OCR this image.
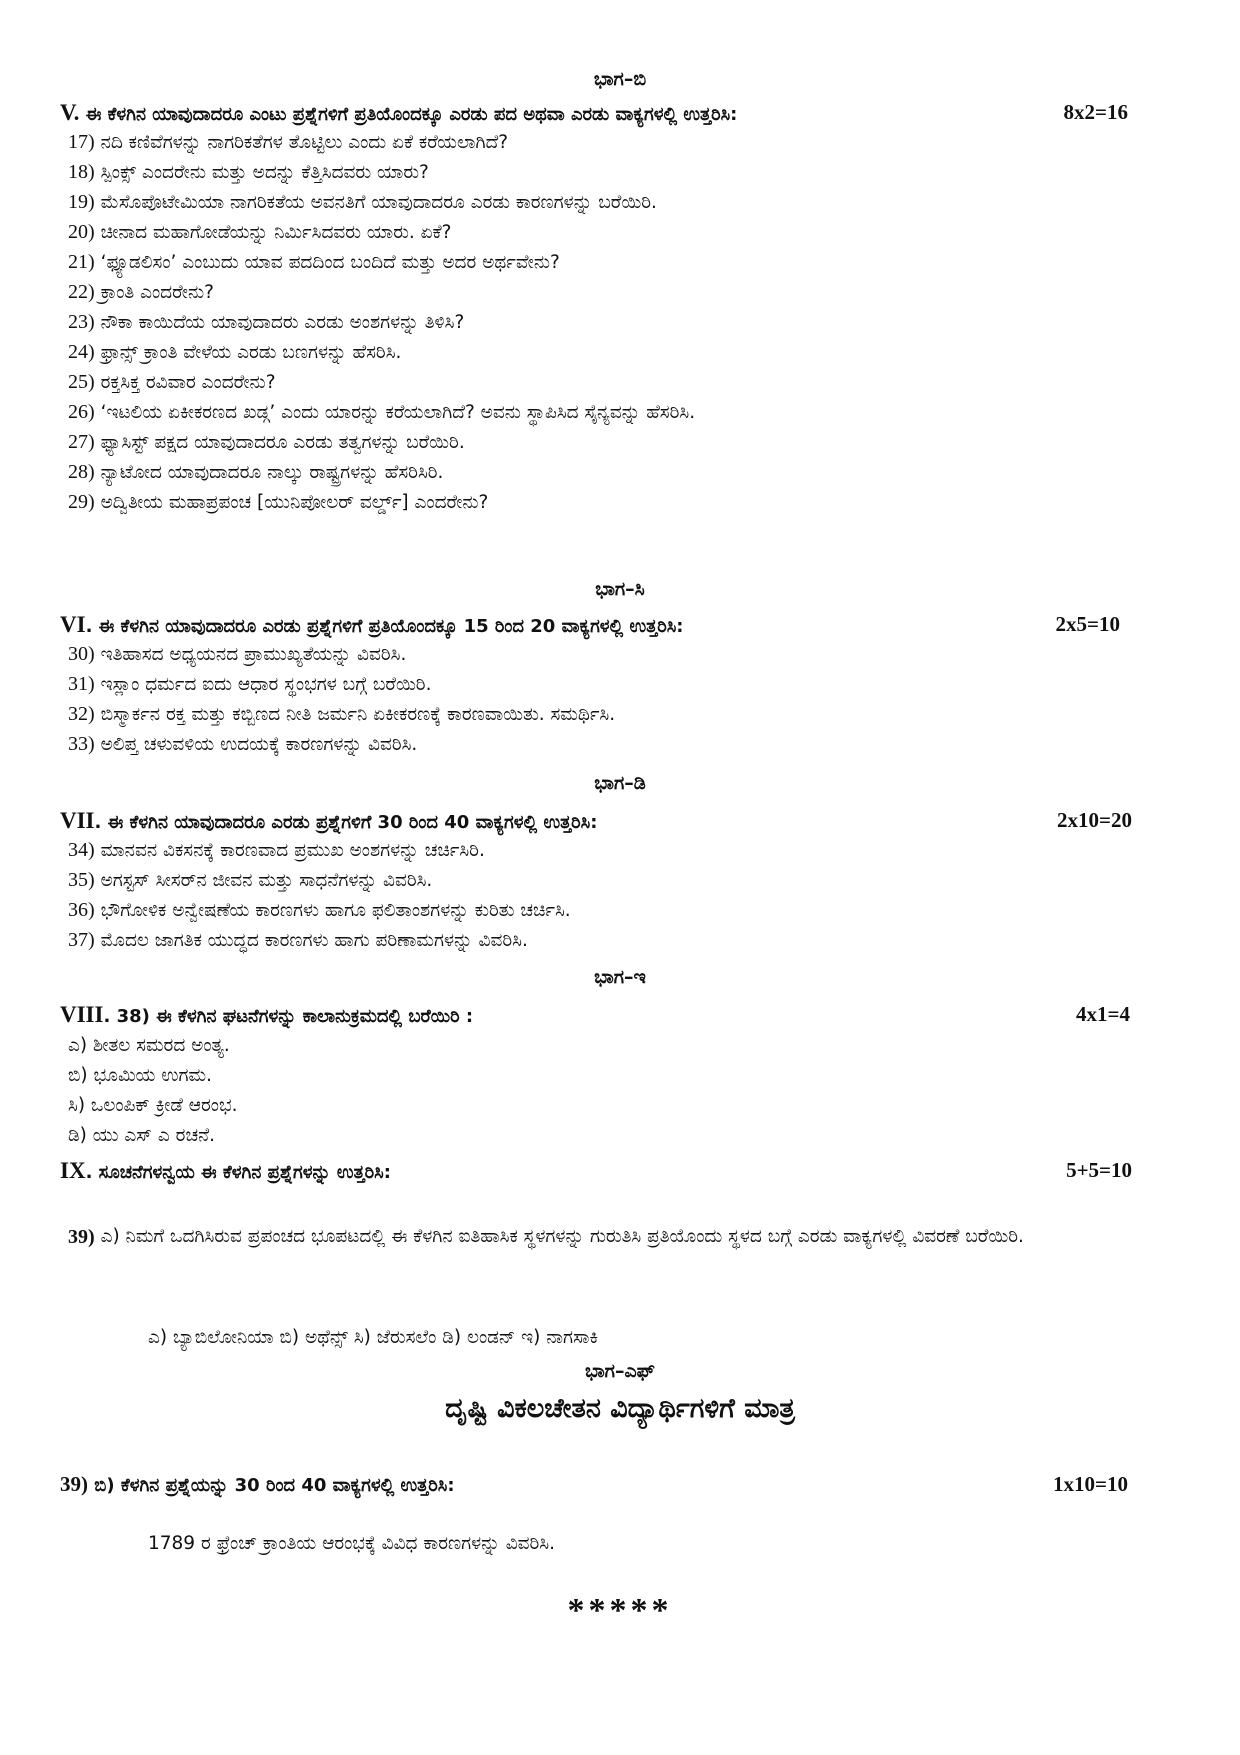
ಭಾಗ–ಬಿ
V. ಈ ಕೆಳಗಿನ ಯಾವುದಾದರೂ ಎಂಟು ಪ್ರಶ್ನೆಗಳಿಗೆ ಪ್ರತಿಯೊಂದಕ್ಕೂ ಎರಡು ಪದ ಅಥವಾ ಎರಡು ವಾಕ್ಯಗಳಲ್ಲಿ ಉತ್ತರಿಸಿ:	8x2=16
17) ನದಿ ಕಣಿವೆಗಳನ್ನು ನಾಗರಿಕತೆಗಳ ತೊಟ್ಟಿಲು ಎಂದು ಏಕೆ ಕರೆಯಲಾಗಿದೆ?
18) ಸ್ಪಿಂಕ್ಸ್ ಎಂದರೇನು ಮತ್ತು ಅದನ್ನು ಕೆತ್ತಿಸಿದವರು ಯಾರು?
19) ಮೆಸೊಪೊಟೇಮಿಯಾ ನಾಗರಿಕತೆಯ ಅವನತಿಗೆ ಯಾವುದಾದರೂ ಎರಡು ಕಾರಣಗಳನ್ನು ಬರೆಯಿರಿ.
20) ಚೀನಾದ ಮಹಾಗೋಡೆಯನ್ನು ನಿರ್ಮಿಸಿದವರು ಯಾರು. ಏಕೆ?
21) ‘ಫ್ಯೂಡಲಿಸಂ’ ಎಂಬುದು ಯಾವ ಪದದಿಂದ ಬಂದಿದೆ ಮತ್ತು ಅದರ ಅರ್ಥವೇನು?
22) ಕ್ರಾಂತಿ ಎಂದರೇನು?
23) ನೌಕಾ ಕಾಯಿದೆಯ ಯಾವುದಾದರು ಎರಡು ಅಂಶಗಳನ್ನು ತಿಳಿಸಿ?
24) ಫ್ರಾನ್ಸ್ ಕ್ರಾಂತಿ ವೇಳೆಯ ಎರಡು ಬಣಗಳನ್ನು ಹೆಸರಿಸಿ.
25) ರಕ್ತಸಿಕ್ತ ರವಿವಾರ ಎಂದರೇನು?
26) ‘ಇಟಲಿಯ ಏಕೀಕರಣದ ಖಡ್ಗ’ ಎಂದು ಯಾರನ್ನು ಕರೆಯಲಾಗಿದೆ? ಅವನು ಸ್ಥಾಪಿಸಿದ ಸೈನ್ಯವನ್ನು ಹೆಸರಿಸಿ.
27) ಫ್ಯಾಸಿಸ್ಟ್ ಪಕ್ಷದ ಯಾವುದಾದರೂ ಎರಡು ತತ್ವಗಳನ್ನು ಬರೆಯಿರಿ.
28) ನ್ಯಾಟೋದ ಯಾವುದಾದರೂ ನಾಲ್ಕು ರಾಷ್ಟ್ರಗಳನ್ನು ಹೆಸರಿಸಿರಿ.
29) ಅದ್ವಿತೀಯ ಮಹಾಪ್ರಪಂಚ [ಯುನಿಪೋಲರ್ ವರ್ಲ್ಡ್] ಎಂದರೇನು?
ಭಾಗ–ಸಿ
VI. ಈ ಕೆಳಗಿನ ಯಾವುದಾದರೂ ಎರಡು ಪ್ರಶ್ನೆಗಳಿಗೆ ಪ್ರತಿಯೊಂದಕ್ಕೂ 15 ರಿಂದ 20 ವಾಕ್ಯಗಳಲ್ಲಿ ಉತ್ತರಿಸಿ:	2x5=10
30) ಇತಿಹಾಸದ ಅಧ್ಯಯನದ ಪ್ರಾಮುಖ್ಯತೆಯನ್ನು ವಿವರಿಸಿ.
31) ಇಸ್ಲಾಂ ಧರ್ಮದ ಐದು ಆಧಾರ ಸ್ಥಂಭಗಳ ಬಗ್ಗೆ ಬರೆಯಿರಿ.
32) ಬಿಸ್ಮಾರ್ಕನ ರಕ್ತ ಮತ್ತು ಕಬ್ಬಿಣದ ನೀತಿ ಜರ್ಮನಿ ಏಕೀಕರಣಕ್ಕೆ ಕಾರಣವಾಯಿತು. ಸಮರ್ಥಿಸಿ.
33) ಅಲಿಪ್ತ ಚಳುವಳಿಯ ಉದಯಕ್ಕೆ ಕಾರಣಗಳನ್ನು ವಿವರಿಸಿ.
ಭಾಗ–ಡಿ
VII. ಈ ಕೆಳಗಿನ ಯಾವುದಾದರೂ ಎರಡು ಪ್ರಶ್ನೆಗಳಿಗೆ 30 ರಿಂದ 40 ವಾಕ್ಯಗಳಲ್ಲಿ ಉತ್ತರಿಸಿ:	2x10=20
34) ಮಾನವನ ವಿಕಸನಕ್ಕೆ ಕಾರಣವಾದ ಪ್ರಮುಖ ಅಂಶಗಳನ್ನು ಚರ್ಚಿಸಿರಿ.
35) ಅಗಸ್ಟಸ್ ಸೀಸರ್‌ನ ಜೀವನ ಮತ್ತು ಸಾಧನೆಗಳನ್ನು ವಿವರಿಸಿ.
36) ಭೌಗೋಳಿಕ ಅನ್ವೇಷಣೆಯ ಕಾರಣಗಳು ಹಾಗೂ ಫಲಿತಾಂಶಗಳನ್ನು ಕುರಿತು ಚರ್ಚಿಸಿ.
37) ಮೊದಲ ಜಾಗತಿಕ ಯುದ್ಧದ ಕಾರಣಗಳು ಹಾಗು ಪರಿಣಾಮಗಳನ್ನು ವಿವರಿಸಿ.
ಭಾಗ–ಇ
VIII. 38) ಈ ಕೆಳಗಿನ ಘಟನೆಗಳನ್ನು ಕಾಲಾನುಕ್ರಮದಲ್ಲಿ ಬರೆಯಿರಿ :	4x1=4
ಎ) ಶೀತಲ ಸಮರದ ಅಂತ್ಯ.
ಬಿ) ಭೂಮಿಯ ಉಗಮ.
ಸಿ) ಒಲಂಪಿಕ್ ಕ್ರೀಡೆ ಆರಂಭ.
ಡಿ) ಯು ಎಸ್ ಎ ರಚನೆ.
IX. ಸೂಚನೆಗಳನ್ವಯ ಈ ಕೆಳಗಿನ ಪ್ರಶ್ನೆಗಳನ್ನು ಉತ್ತರಿಸಿ:	5+5=10
39) ಎ) ನಿಮಗೆ ಒದಗಿಸಿರುವ ಪ್ರಪಂಚದ ಭೂಪಟದಲ್ಲಿ ಈ ಕೆಳಗಿನ ಐತಿಹಾಸಿಕ ಸ್ಥಳಗಳನ್ನು ಗುರುತಿಸಿ ಪ್ರತಿಯೊಂದು ಸ್ಥಳದ ಬಗ್ಗೆ ಎರಡು ವಾಕ್ಯಗಳಲ್ಲಿ ವಿವರಣೆ ಬರೆಯಿರಿ.
ಎ) ಬ್ಯಾಬಿಲೋನಿಯಾ ಬಿ) ಅಥೆನ್ಸ್ ಸಿ) ಜೆರುಸಲೆಂ ಡಿ) ಲಂಡನ್ ಇ) ನಾಗಸಾಕಿ
ಭಾಗ–ಎಫ್
ದೃಷ್ಟಿ ವಿಕಲಚೇತನ ವಿದ್ಯಾರ್ಥಿಗಳಿಗೆ ಮಾತ್ರ
39) ಬಿ) ಕೆಳಗಿನ ಪ್ರಶ್ನೆಯನ್ನು 30 ರಿಂದ 40 ವಾಕ್ಯಗಳಲ್ಲಿ ಉತ್ತರಿಸಿ:	1x10=10
1789 ರ ಫ್ರೆಂಚ್ ಕ್ರಾಂತಿಯ ಆರಂಭಕ್ಕೆ ವಿವಿಧ ಕಾರಣಗಳನ್ನು ವಿವರಿಸಿ.
*****
